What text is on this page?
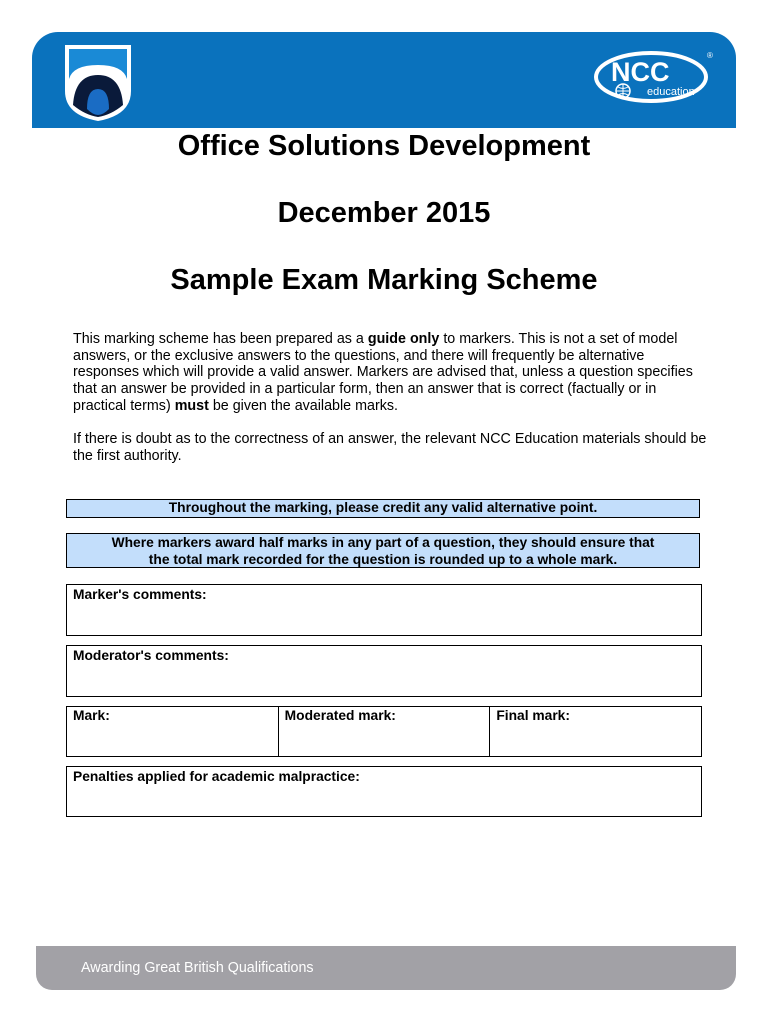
NCC
education
®
Office Solutions Development
December 2015
Sample Exam Marking Scheme

This marking scheme has been prepared as a guide only to markers. This is not a set of model answers, or the exclusive answers to the questions, and there will frequently be alternative responses which will provide a valid answer. Markers are advised that, unless a question specifies that an answer be provided in a particular form, then an answer that is correct (factually or in practical terms) must be given the available marks.

If there is doubt as to the correctness of an answer, the relevant NCC Education materials should be the first authority.

Throughout the marking, please credit any valid alternative point.
Where markers award half marks in any part of a question, they should ensure that
the total mark recorded for the question is rounded up to a whole mark.
Marker's comments:
Moderator's comments:
Mark:	Moderated mark:	Final mark:
Penalties applied for academic malpractice:
Awarding Great British Qualifications
